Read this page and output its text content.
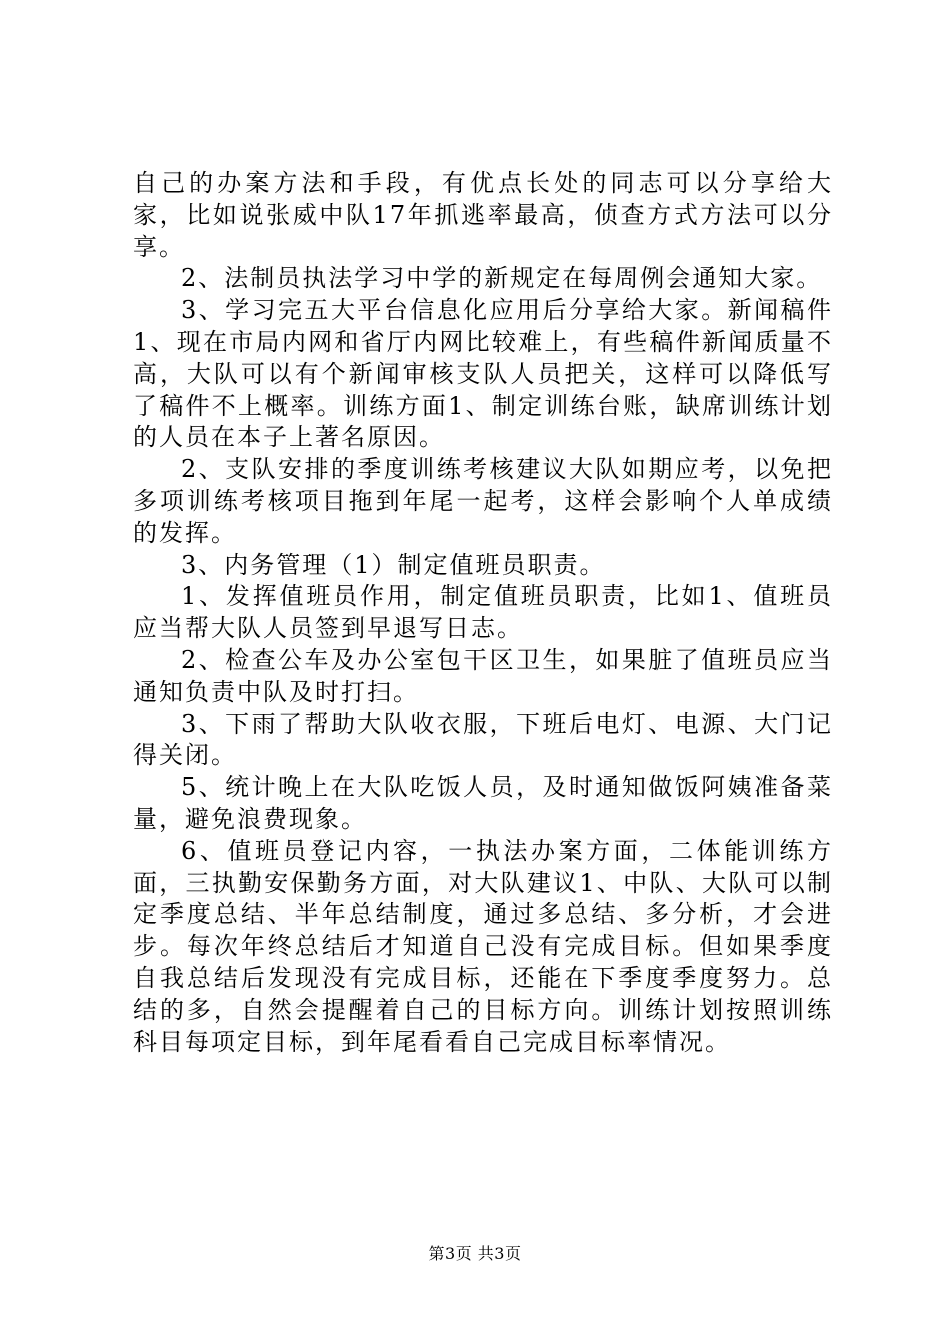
自己的办案方法和手段，有优点长处的同志可以分享给大家，比如说张威中队17年抓逃率最高，侦查方式方法可以分享。

2、法制员执法学习中学的新规定在每周例会通知大家。

3、学习完五大平台信息化应用后分享给大家。新闻稿件1、现在市局内网和省厅内网比较难上，有些稿件新闻质量不高，大队可以有个新闻审核支队人员把关，这样可以降低写了稿件不上概率。训练方面1、制定训练台账，缺席训练计划的人员在本子上著名原因。

2、支队安排的季度训练考核建议大队如期应考，以免把多项训练考核项目拖到年尾一起考，这样会影响个人单成绩的发挥。

3、内务管理（1）制定值班员职责。

1、发挥值班员作用，制定值班员职责，比如1、值班员应当帮大队人员签到早退写日志。

2、检查公车及办公室包干区卫生，如果脏了值班员应当通知负责中队及时打扫。

3、下雨了帮助大队收衣服，下班后电灯、电源、大门记得关闭。

5、统计晚上在大队吃饭人员，及时通知做饭阿姨准备菜量，避免浪费现象。

6、值班员登记内容，一执法办案方面，二体能训练方面，三执勤安保勤务方面，对大队建议1、中队、大队可以制定季度总结、半年总结制度，通过多总结、多分析，才会进步。每次年终总结后才知道自己没有完成目标。但如果季度自我总结后发现没有完成目标，还能在下季度季度努力。总结的多，自然会提醒着自己的目标方向。训练计划按照训练科目每项定目标，到年尾看看自己完成目标率情况。

第3页 共3页
